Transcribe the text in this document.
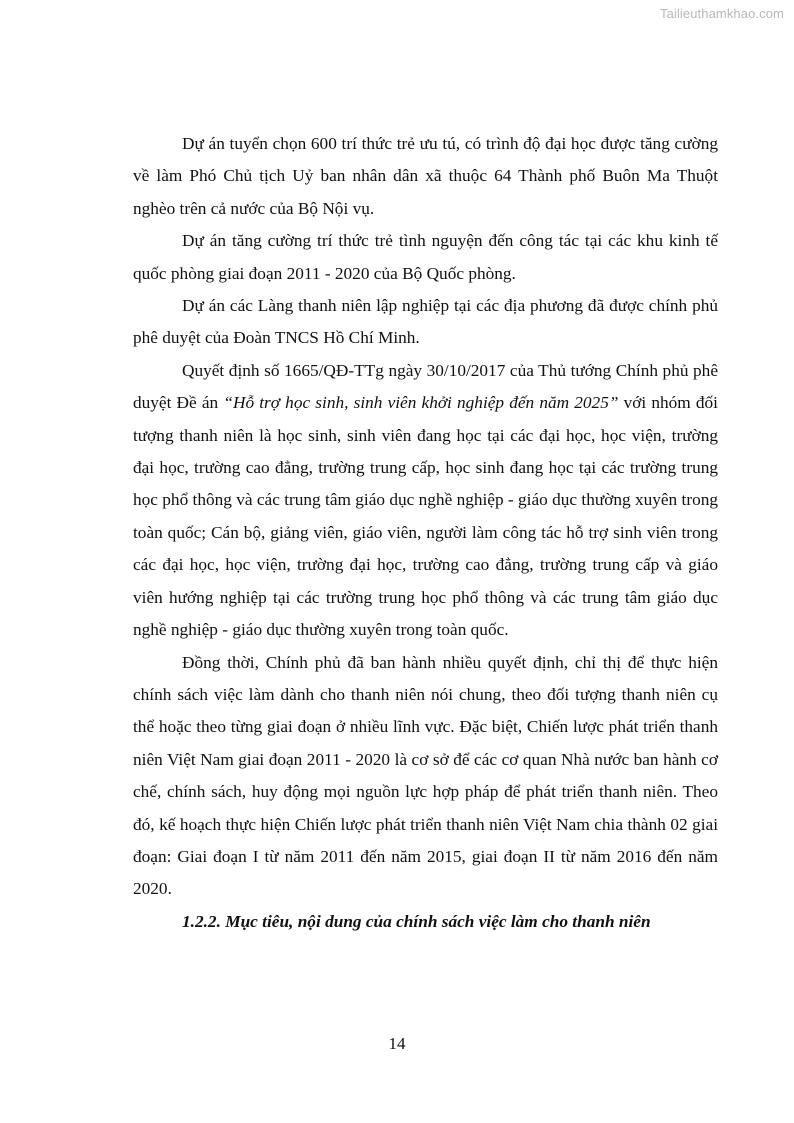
Tailieuthamkhao.com

Dự án tuyển chọn 600 trí thức trẻ ưu tú, có trình độ đại học được tăng cường về làm Phó Chủ tịch Uỷ ban nhân dân xã thuộc 64 Thành phố Buôn Ma Thuột nghèo trên cả nước của Bộ Nội vụ.

Dự án tăng cường trí thức trẻ tình nguyện đến công tác tại các khu kinh tế quốc phòng giai đoạn 2011 - 2020 của Bộ Quốc phòng.

Dự án các Làng thanh niên lập nghiệp tại các địa phương đã được chính phủ phê duyệt của Đoàn TNCS Hồ Chí Minh.

Quyết định số 1665/QĐ-TTg ngày 30/10/2017 của Thủ tướng Chính phủ phê duyệt Đề án “Hỗ trợ học sinh, sinh viên khởi nghiệp đến năm 2025” với nhóm đối tượng thanh niên là học sinh, sinh viên đang học tại các đại học, học viện, trường đại học, trường cao đẳng, trường trung cấp, học sinh đang học tại các trường trung học phổ thông và các trung tâm giáo dục nghề nghiệp - giáo dục thường xuyên trong toàn quốc; Cán bộ, giảng viên, giáo viên, người làm công tác hỗ trợ sinh viên trong các đại học, học viện, trường đại học, trường cao đẳng, trường trung cấp và giáo viên hướng nghiệp tại các trường trung học phổ thông và các trung tâm giáo dục nghề nghiệp - giáo dục thường xuyên trong toàn quốc.

Đồng thời, Chính phủ đã ban hành nhiều quyết định, chỉ thị để thực hiện chính sách việc làm dành cho thanh niên nói chung, theo đối tượng thanh niên cụ thể hoặc theo từng giai đoạn ở nhiều lĩnh vực. Đặc biệt, Chiến lược phát triển thanh niên Việt Nam giai đoạn 2011 - 2020 là cơ sở để các cơ quan Nhà nước ban hành cơ chế, chính sách, huy động mọi nguồn lực hợp pháp để phát triển thanh niên. Theo đó, kế hoạch thực hiện Chiến lược phát triển thanh niên Việt Nam chia thành 02 giai đoạn: Giai đoạn I từ năm 2011 đến năm 2015, giai đoạn II từ năm 2016 đến năm 2020.

1.2.2. Mục tiêu, nội dung của chính sách việc làm cho thanh niên

14
